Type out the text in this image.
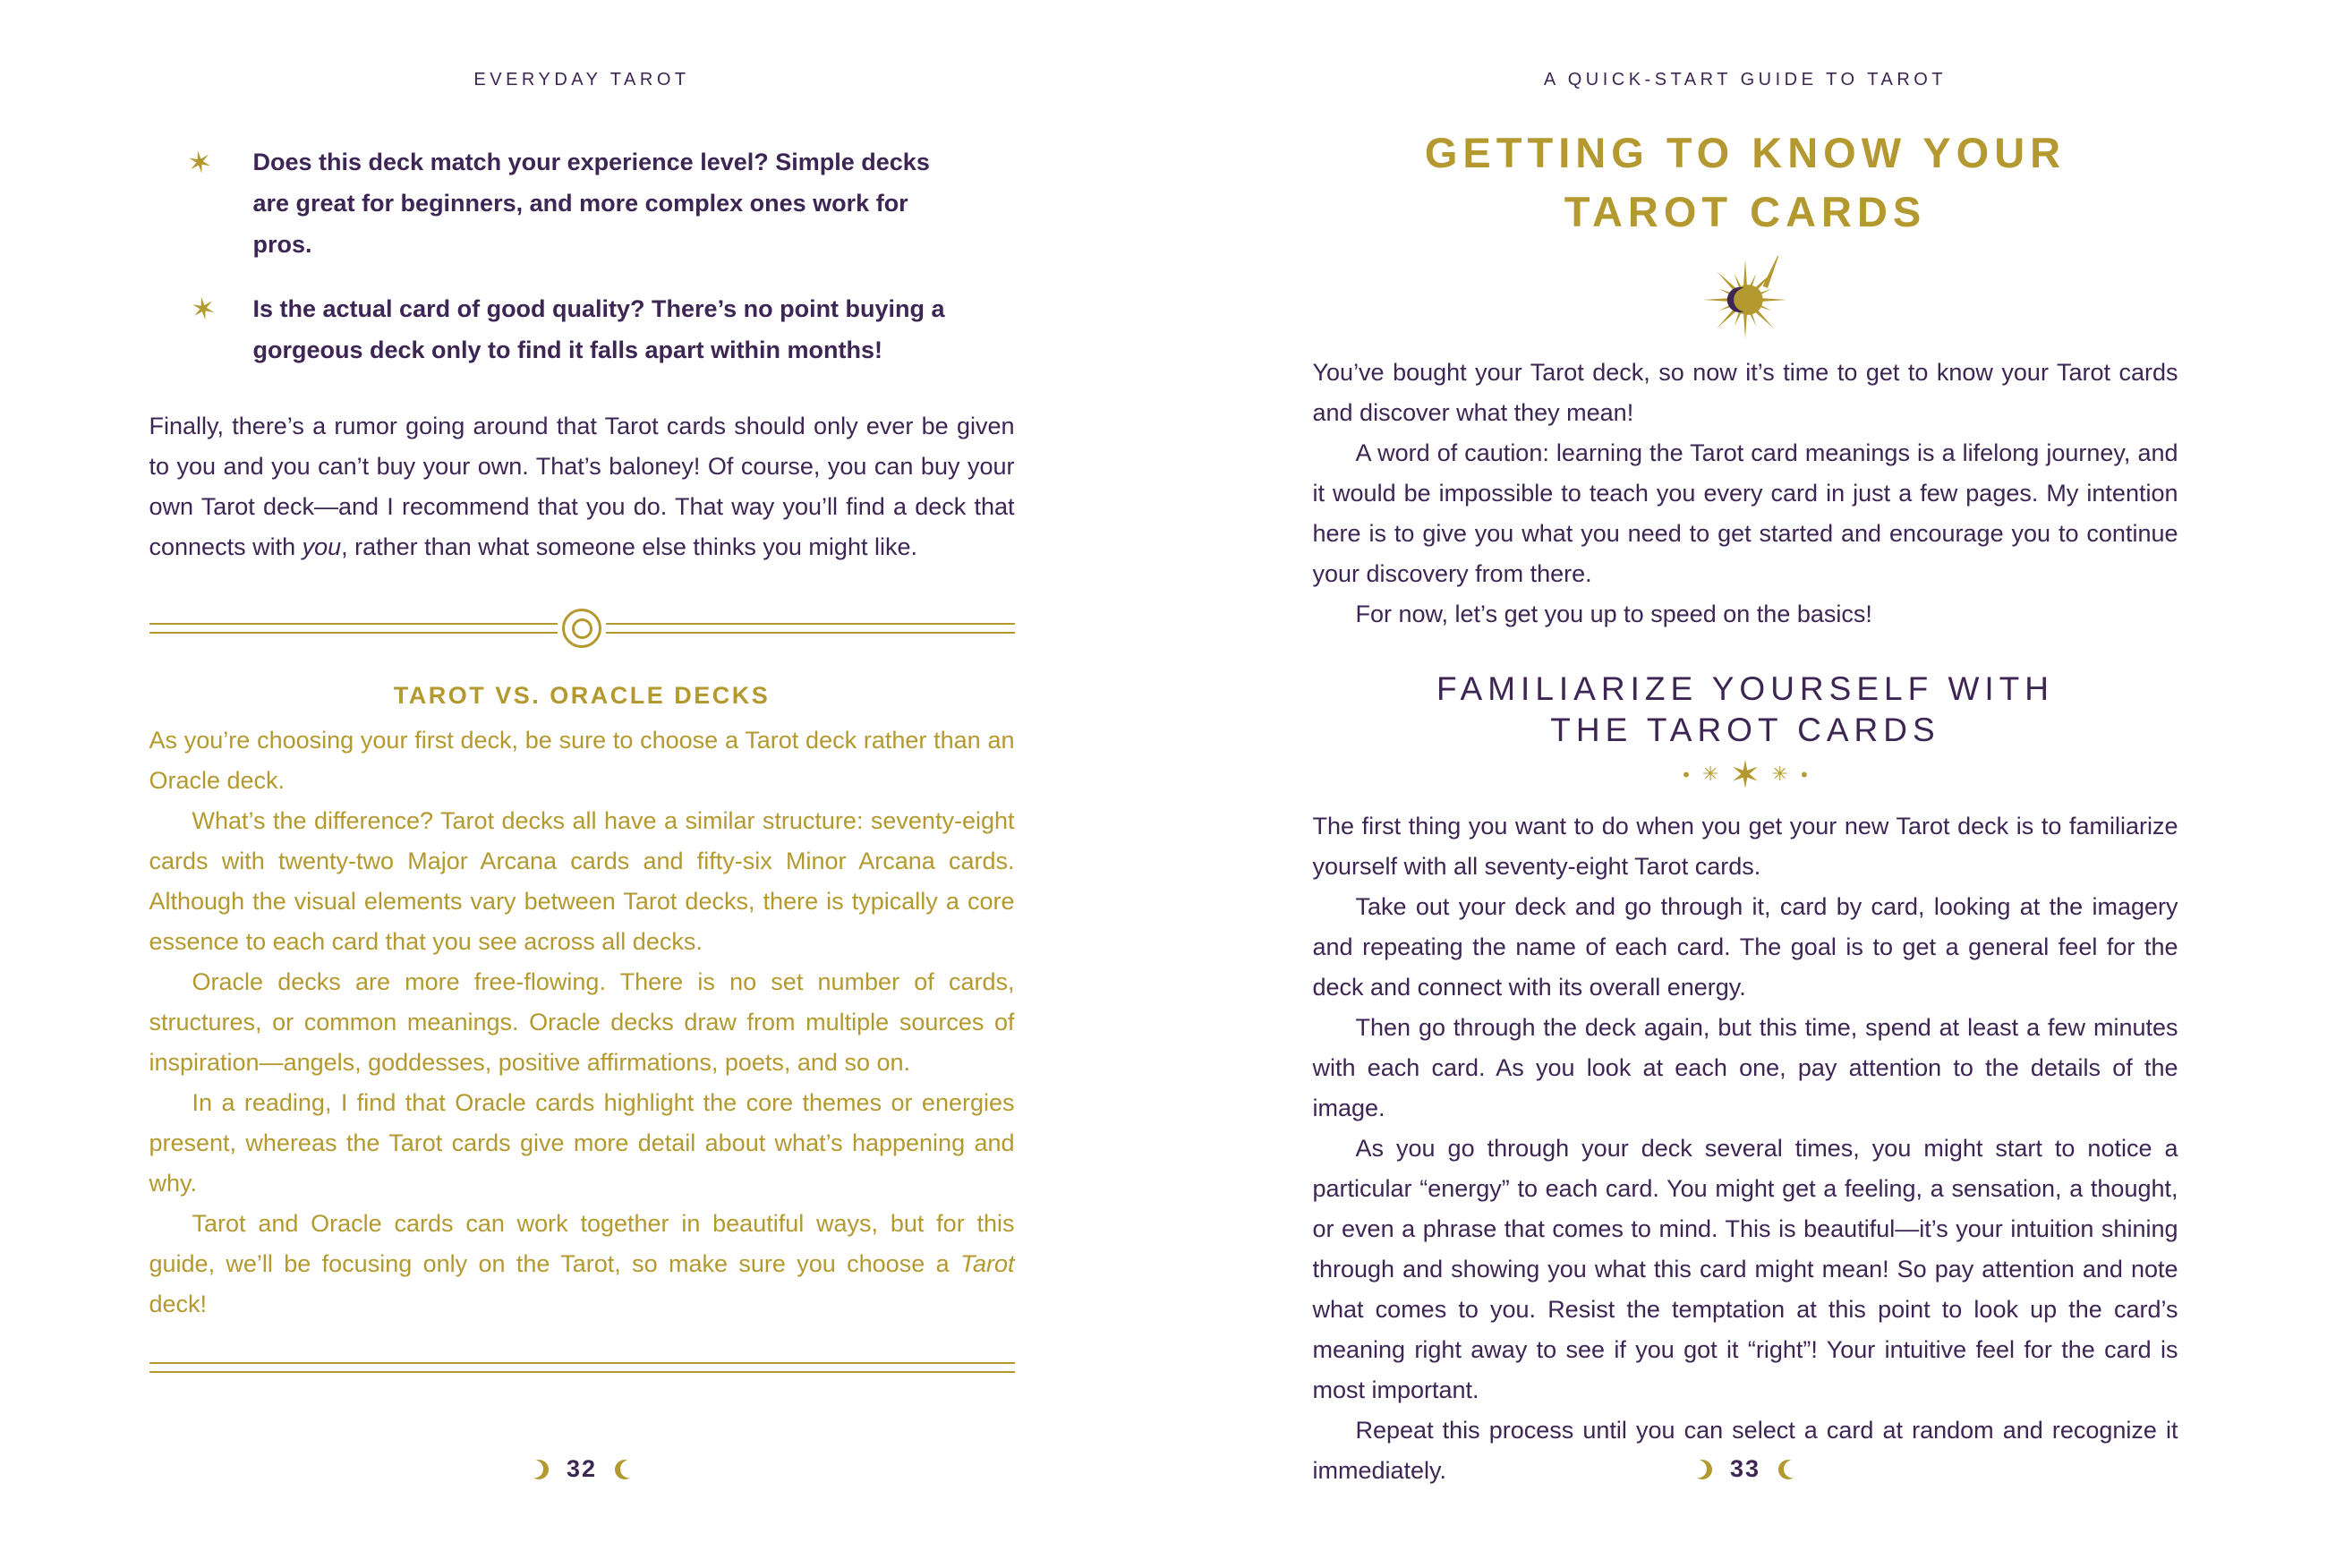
EVERYDAY TAROT
✶	Does this deck match your experience level? Simple decks are great for beginners, and more complex ones work for pros.
✶	Is the actual card of good quality? There’s no point buying a gorgeous deck only to find it falls apart within months!
Finally, there’s a rumor going around that Tarot cards should only ever be given to you and you can’t buy your own. That’s baloney! Of course, you can buy your own Tarot deck—and I recommend that you do. That way you’ll find a deck that connects with you, rather than what someone else thinks you might like.
TAROT VS. ORACLE DECKS

As you’re choosing your first deck, be sure to choose a Tarot deck rather than an Oracle deck.

What’s the difference? Tarot decks all have a similar structure: seventy-eight cards with twenty-two Major Arcana cards and fifty-six Minor Arcana cards. Although the visual elements vary between Tarot decks, there is typically a core essence to each card that you see across all decks.

Oracle decks are more free-flowing. There is no set number of cards, structures, or common meanings. Oracle decks draw from multiple sources of inspiration—angels, goddesses, positive affirmations, poets, and so on.

In a reading, I find that Oracle cards highlight the core themes or energies present, whereas the Tarot cards give more detail about what’s happening and why.

Tarot and Oracle cards can work together in beautiful ways, but for this guide, we’ll be focusing only on the Tarot, so make sure you choose a Tarot deck!

32
A QUICK-START GUIDE TO TAROT
GETTING TO KNOW YOUR
TAROT CARDS

You’ve bought your Tarot deck, so now it’s time to get to know your Tarot cards and discover what they mean!

A word of caution: learning the Tarot card meanings is a lifelong journey, and it would be impossible to teach you every card in just a few pages. My intention here is to give you what you need to get started and encourage you to continue your discovery from there.

For now, let’s get you up to speed on the basics!

FAMILIARIZE YOURSELF WITH
THE TAROT CARDS
• ✳ ✶ ✳ •

The first thing you want to do when you get your new Tarot deck is to familiarize yourself with all seventy-eight Tarot cards.

Take out your deck and go through it, card by card, looking at the imagery and repeating the name of each card. The goal is to get a general feel for the deck and connect with its overall energy.

Then go through the deck again, but this time, spend at least a few minutes with each card. As you look at each one, pay attention to the details of the image.

As you go through your deck several times, you might start to notice a particular “energy” to each card. You might get a feeling, a sensation, a thought, or even a phrase that comes to mind. This is beautiful—it’s your intuition shining through and showing you what this card might mean! So pay attention and note what comes to you. Resist the temptation at this point to look up the card’s meaning right away to see if you got it “right”! Your intuitive feel for the card is most important.

Repeat this process until you can select a card at random and recognize it immediately.	33
